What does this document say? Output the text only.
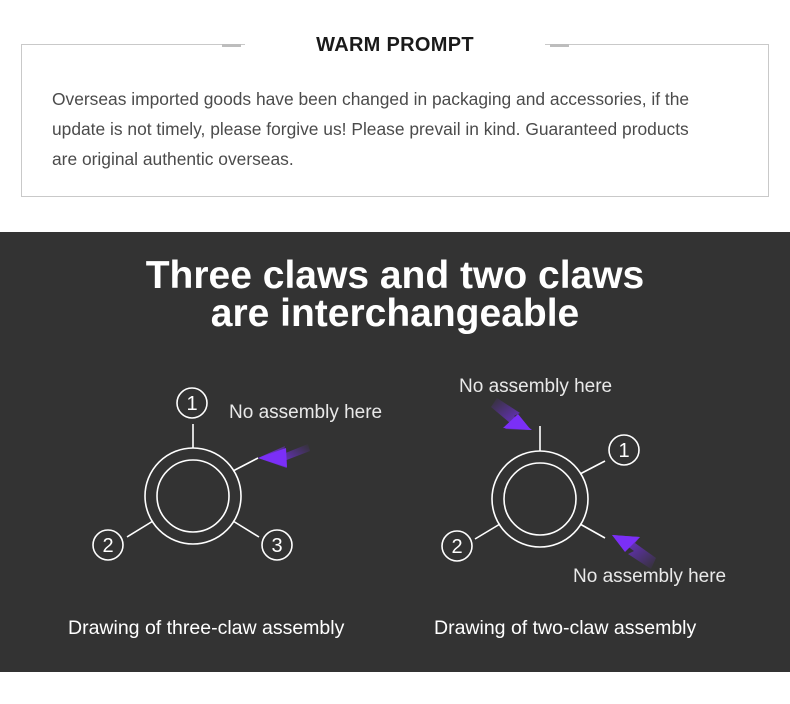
WARM PROMPT

Overseas imported goods have been changed in packaging and accessories, if the
update is not timely, please forgive us! Please prevail in kind. Guaranteed products
are original authentic overseas.

Three claws and two claws
are interchangeable
1
2	3
1
2
No assembly here
No assembly here
No assembly here
Drawing of three-claw assembly	Drawing of two-claw assembly
